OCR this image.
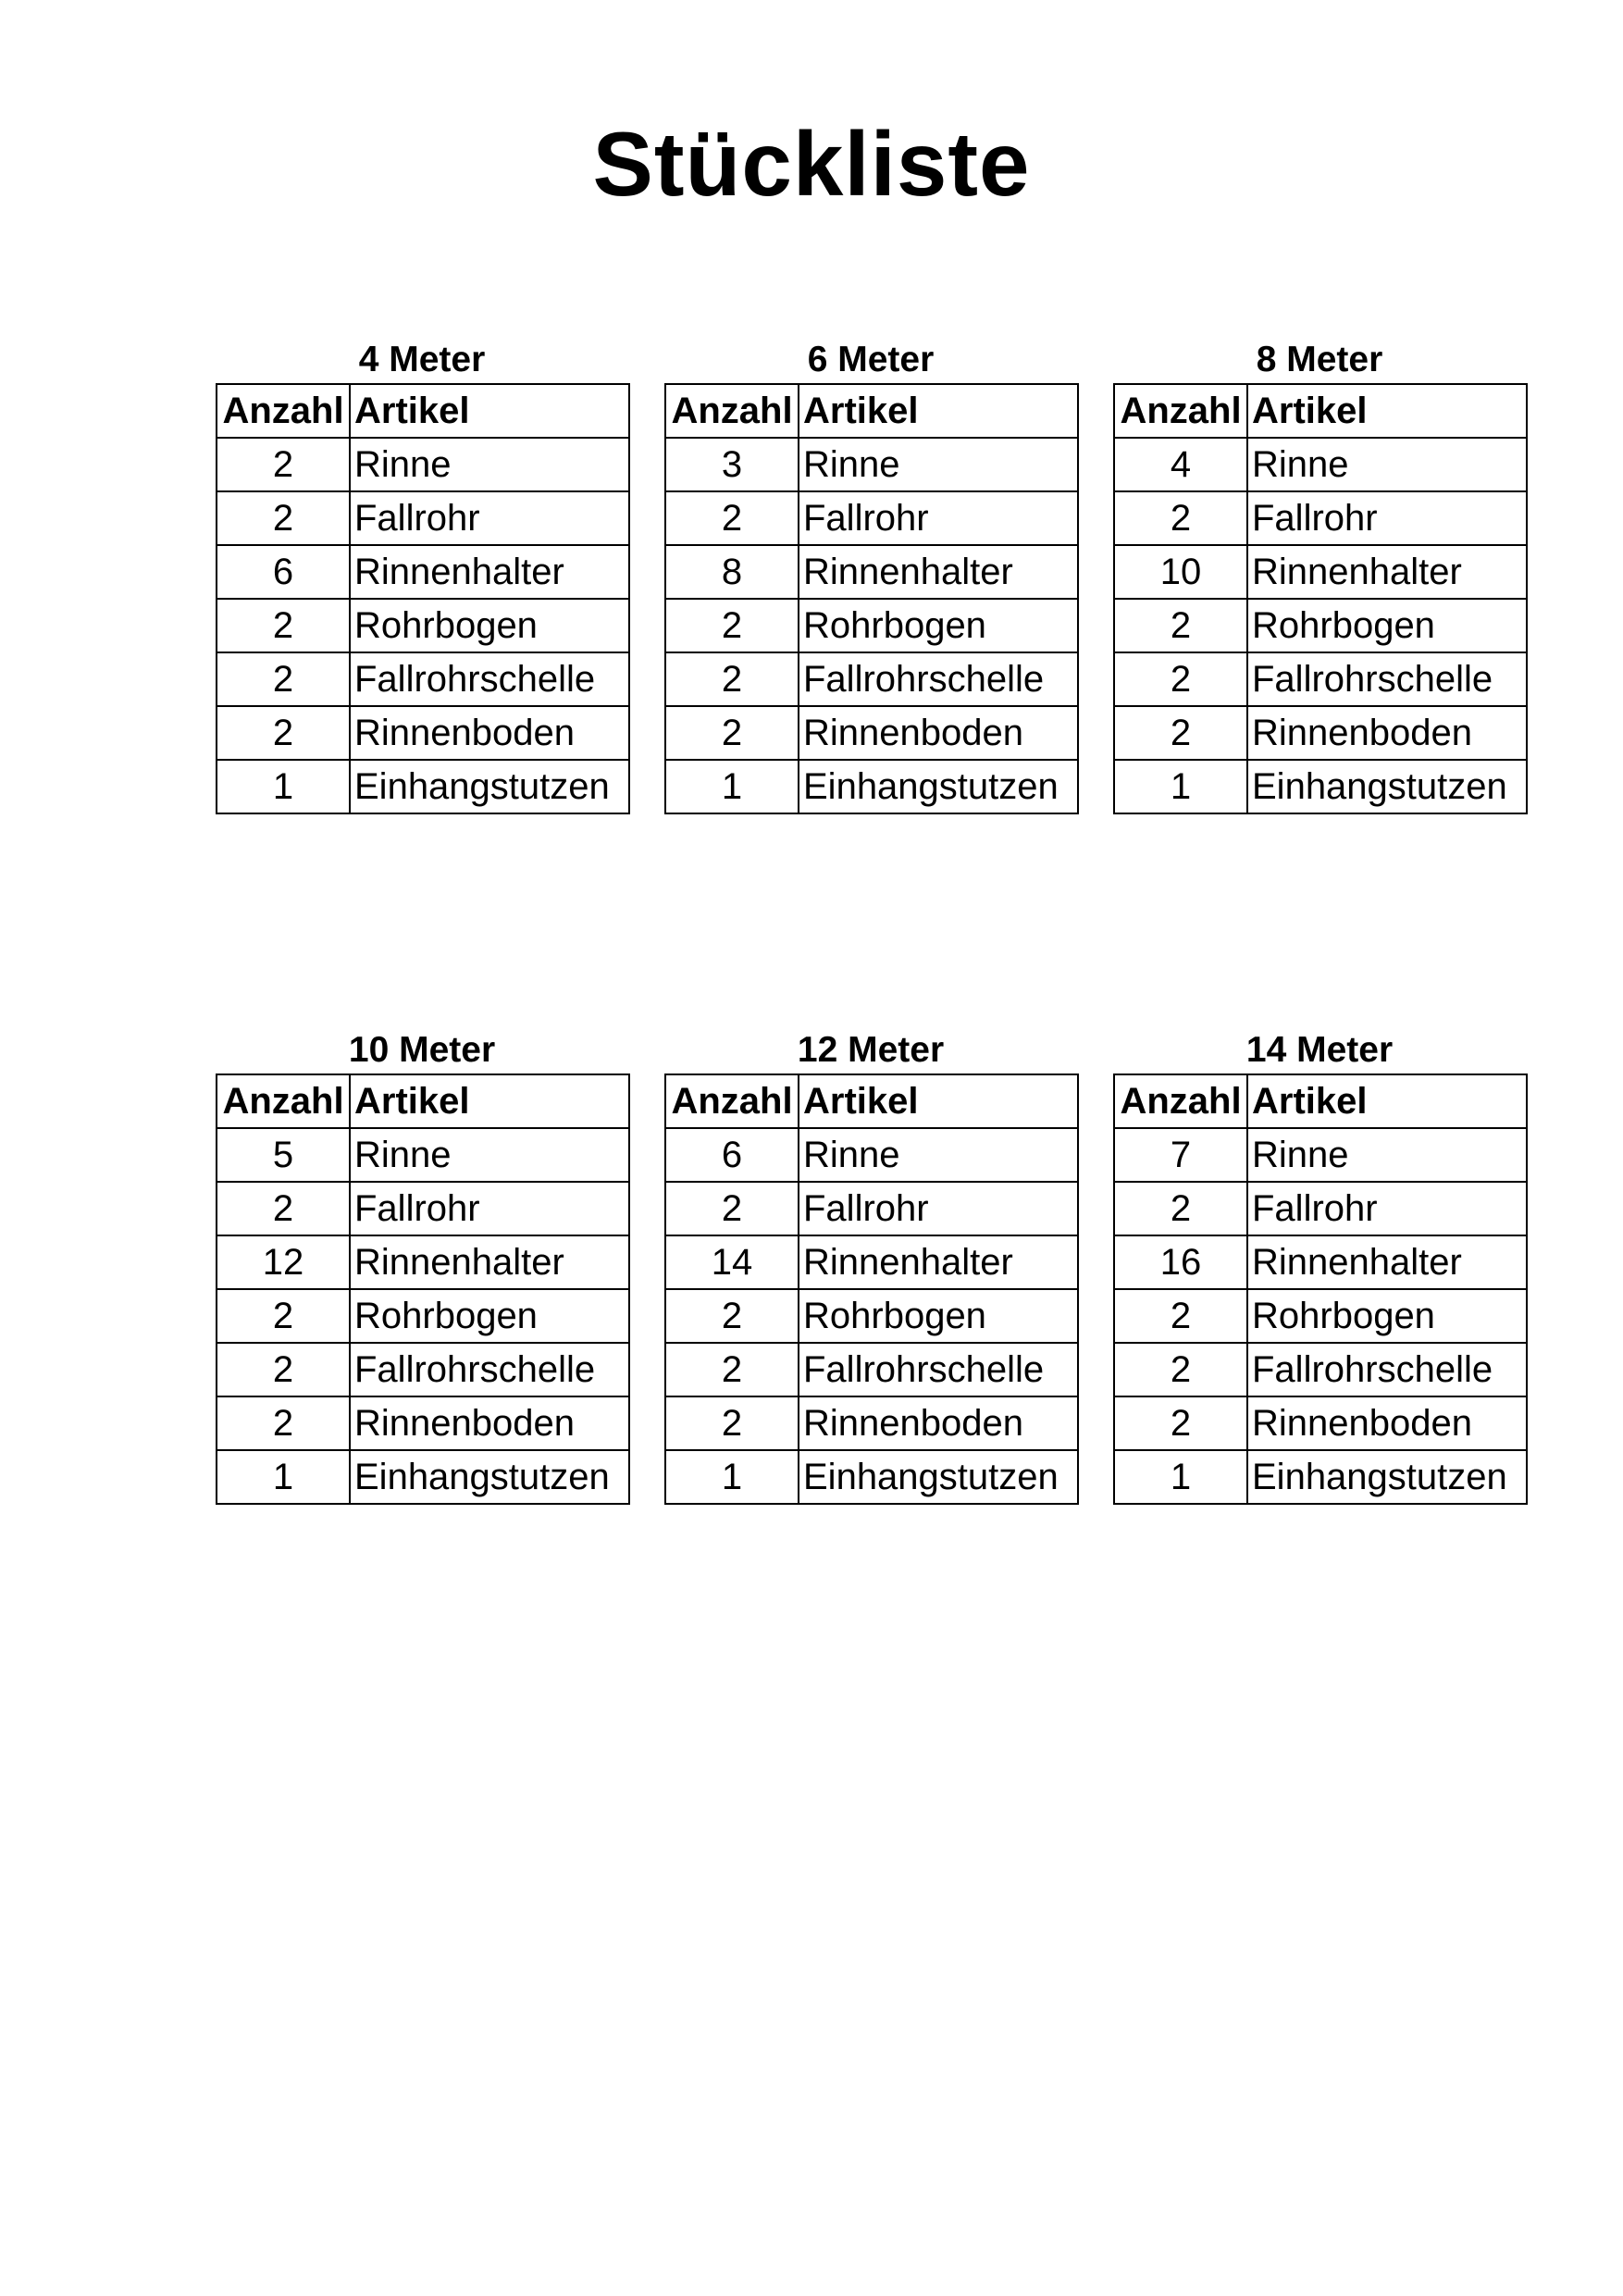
Stückliste
4 Meter
Anzahl	Artikel
2	Rinne
2	Fallrohr
6	Rinnenhalter
2	Rohrbogen
2	Fallrohrschelle
2	Rinnenboden
1	Einhangstutzen
6 Meter
Anzahl	Artikel
3	Rinne
2	Fallrohr
8	Rinnenhalter
2	Rohrbogen
2	Fallrohrschelle
2	Rinnenboden
1	Einhangstutzen
8 Meter
Anzahl	Artikel
4	Rinne
2	Fallrohr
10	Rinnenhalter
2	Rohrbogen
2	Fallrohrschelle
2	Rinnenboden
1	Einhangstutzen
10 Meter
Anzahl	Artikel
5	Rinne
2	Fallrohr
12	Rinnenhalter
2	Rohrbogen
2	Fallrohrschelle
2	Rinnenboden
1	Einhangstutzen
12 Meter
Anzahl	Artikel
6	Rinne
2	Fallrohr
14	Rinnenhalter
2	Rohrbogen
2	Fallrohrschelle
2	Rinnenboden
1	Einhangstutzen
14 Meter
Anzahl	Artikel
7	Rinne
2	Fallrohr
16	Rinnenhalter
2	Rohrbogen
2	Fallrohrschelle
2	Rinnenboden
1	Einhangstutzen
